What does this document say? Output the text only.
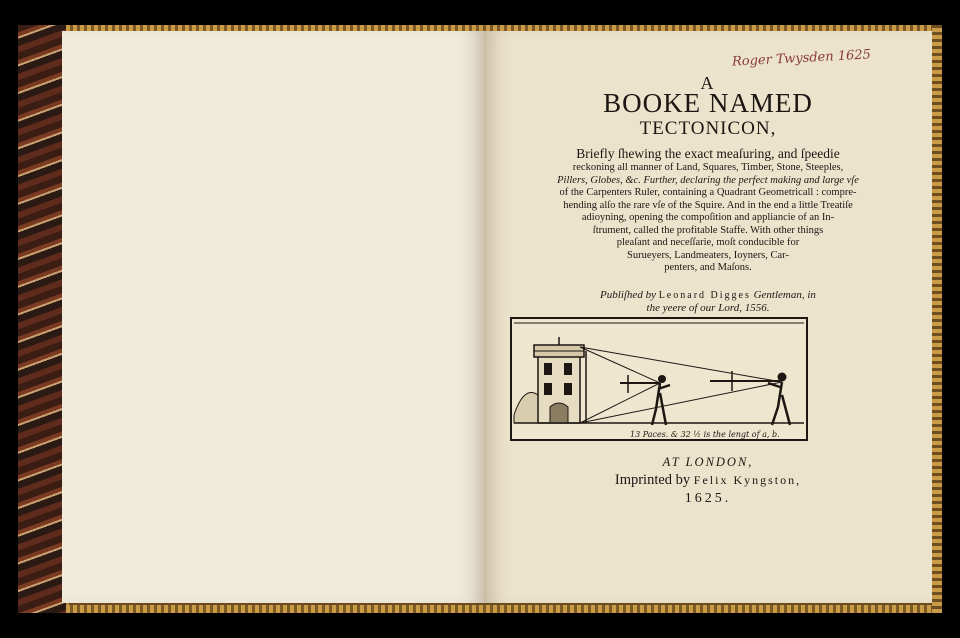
Roger Twysden 1625
A
BOOKE NAMED
TECTONICON,
Briefly ſhewing the exact meaſuring, and ſpeedie
reckoning all manner of Land, Squares, Timber, Stone, Steeples,
Pillers, Globes, &c. Further, declaring the perfect making and large vſe
of the Carpenters Ruler, containing a Quadrant Geometricall : compre-
hending alſo the rare vſe of the Squire. And in the end a little Treatiſe
adioyning, opening the compoſition and appliancie of an In-
ſtrument, called the profitable Staffe. With other things
pleaſant and neceſſarie, moſt conducible for
Surueyers, Landmeaters, Ioyners, Car-
penters, and Maſons.
Publiſhed by Leonard Digges Gentleman, in
the yeere of our Lord, 1556.
13 Paces. & 32 ½ is the lengt of a, b.
AT LONDON,
Imprinted by Felix Kyngston,
1625.
